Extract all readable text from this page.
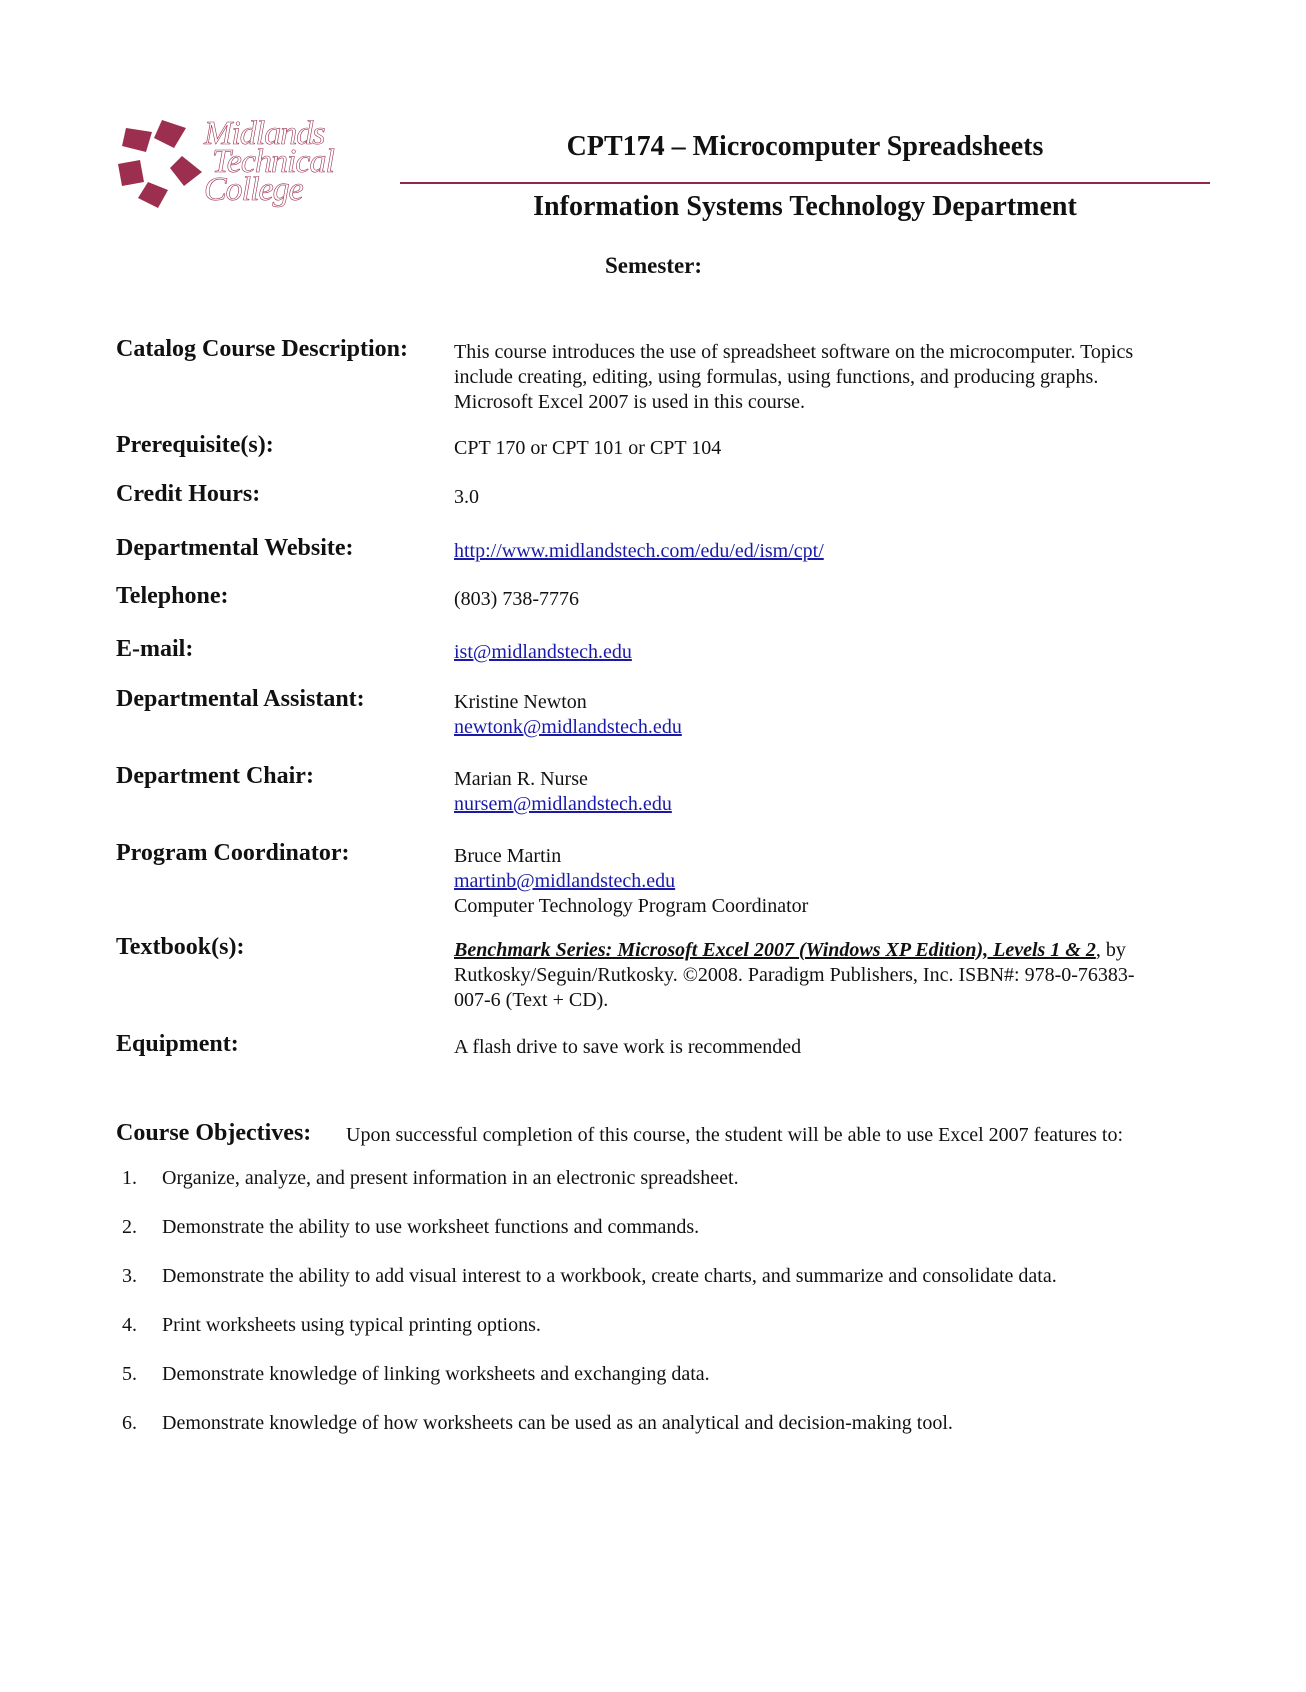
Midlands
Technical
College
CPT174 – Microcomputer Spreadsheets
Information Systems Technology Department
Semester:
Catalog Course Description: This course introduces the use of spreadsheet software on the microcomputer. Topics
include creating, editing, using formulas, using functions, and producing graphs.
Microsoft Excel 2007 is used in this course.
Prerequisite(s):	CPT 170 or CPT 101 or CPT 104
Credit Hours:	3.0
Departmental Website:	http://www.midlandstech.com/edu/ed/ism/cpt/
Telephone:	(803) 738-7776
E-mail:	ist@midlandstech.edu
Departmental Assistant:	Kristine Newton
newtonk@midlandstech.edu
Department Chair:	Marian R. Nurse
nursem@midlandstech.edu
Program Coordinator:	Bruce Martin
martinb@midlandstech.edu
Computer Technology Program Coordinator
Textbook(s):	Benchmark Series: Microsoft Excel 2007 (Windows XP Edition), Levels 1 & 2, by
Rutkosky/Seguin/Rutkosky. ©2008. Paradigm Publishers, Inc. ISBN#: 978-0-76383-
007-6 (Text + CD).
Equipment:	A flash drive to save work is recommended
Course Objectives: Upon successful completion of this course, the student will be able to use Excel 2007 features to:
1.	Organize, analyze, and present information in an electronic spreadsheet.
2.	Demonstrate the ability to use worksheet functions and commands.
3.	Demonstrate the ability to add visual interest to a workbook, create charts, and summarize and consolidate data.
4.	Print worksheets using typical printing options.
5.	Demonstrate knowledge of linking worksheets and exchanging data.
6.	Demonstrate knowledge of how worksheets can be used as an analytical and decision-making tool.
